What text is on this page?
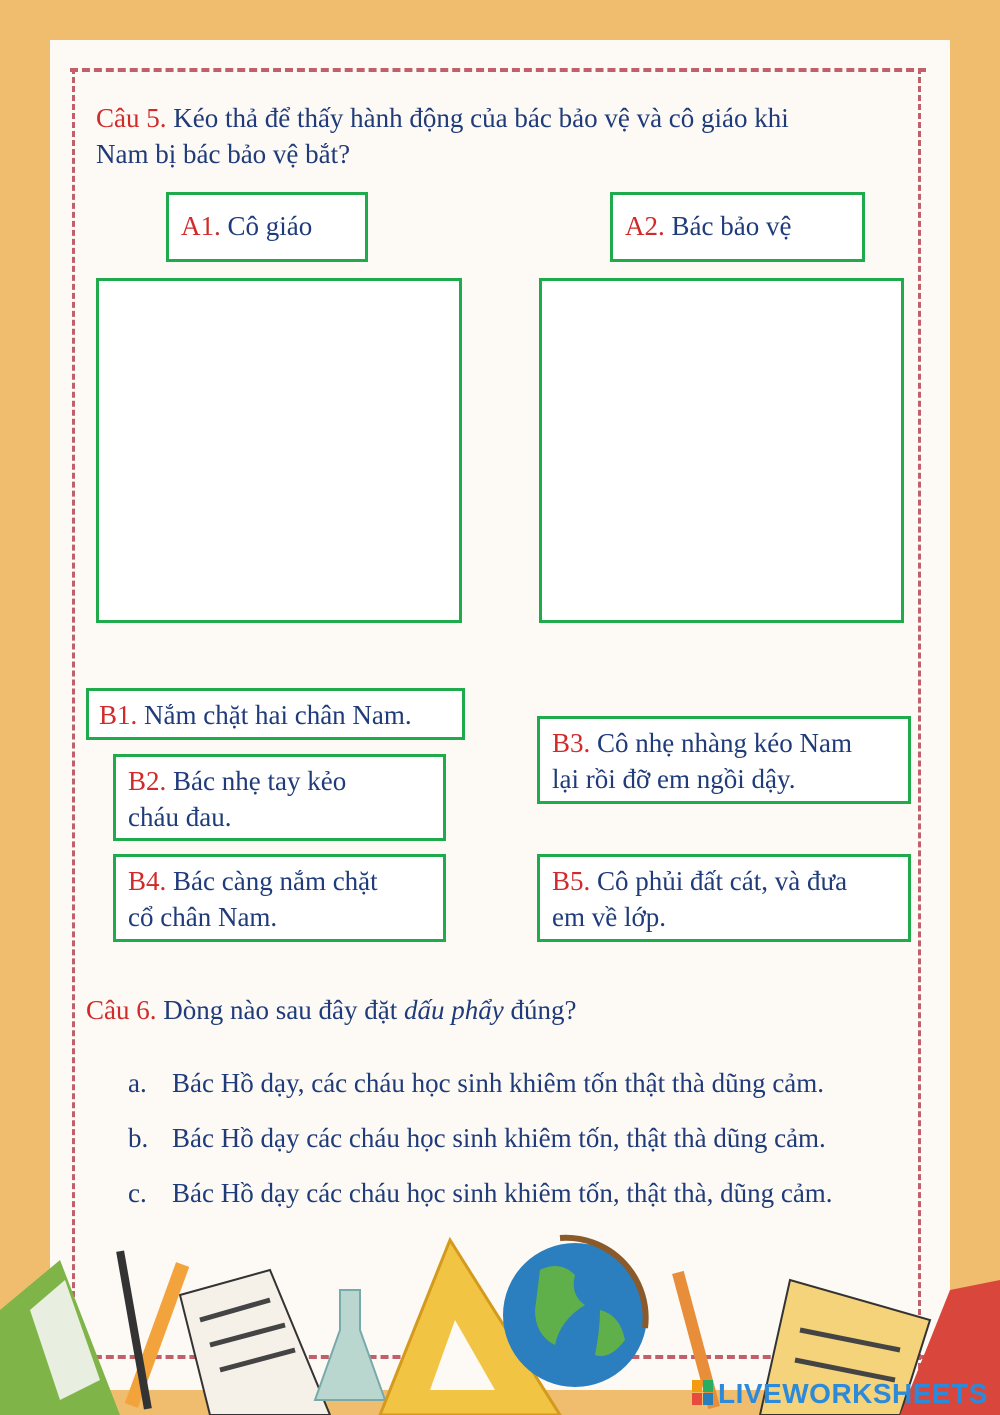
Câu 5. Kéo thả để thấy hành động của bác bảo vệ và cô giáo khi
Nam bị bác bảo vệ bắt?
A1. Cô giáo	A2. Bác bảo vệ
B1. Nắm chặt hai chân Nam.
B2. Bác nhẹ tay kẻo
cháu đau.
B3. Cô nhẹ nhàng kéo Nam
lại rồi đỡ em ngồi dậy.
B4. Bác càng nắm chặt
cổ chân Nam.
B5. Cô phủi đất cát, và đưa
em về lớp.
Câu 6. Dòng nào sau đây đặt dấu phẩy đúng?
a. Bác Hồ dạy, các cháu học sinh khiêm tốn thật thà dũng cảm.
b. Bác Hồ dạy các cháu học sinh khiêm tốn, thật thà dũng cảm.
c. Bác Hồ dạy các cháu học sinh khiêm tốn, thật thà, dũng cảm.
LIVEWORKSHEETS
